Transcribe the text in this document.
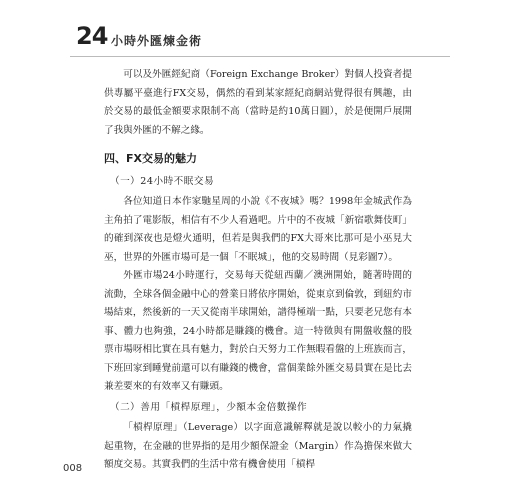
24 小時外匯煉金術

可以及外匯經紀商（Foreign Exchange Broker）對個人投資者提供專屬平臺進行FX交易，偶然的看到某家經紀商網站覺得很有興趣，由於交易的最低金額要求限制不高（當時是約10萬日圓），於是便開戶展開了我與外匯的不解之緣。

四、FX交易的魅力
（一）24小時不眠交易

各位知道日本作家馳星周的小說《不夜城》嗎？1998年金城武作為主角拍了電影版，相信有不少人看過吧。片中的不夜城「新宿歌舞伎町」的確到深夜也是燈火通明，但若是與我們的FX大哥來比那可是小巫見大巫，世界的外匯市場可是一個「不眠城」，他的交易時間（見彩圖7）。

外匯市場24小時運行，交易每天從紐西蘭／澳洲開始，隨著時間的流動，全球各個金融中心的營業日將依序開始，從東京到倫敦，到紐約市場結束，然後新的一天又從南半球開始，譜得極端一點，只要老兄您有本事、體力也夠強，24小時都是賺錢的機會。這一特徵與有開盤收盤的股票市場呀相比實在具有魅力，對於白天努力工作無暇看盤的上班族而言，下班回家到睡覺前還可以有賺錢的機會，當個業餘外匯交易員實在是比去兼差要來的有效率又有賺頭。

（二）善用「槓桿原理」，少額本金倍數操作

「槓桿原理」（Leverage）以字面意識解釋就是說以較小的力氣撬起重物，在金融的世界指的是用少額保證金（Margin）作為擔保來做大額度交易。其實我們的生活中常有機會使用「槓桿

008
